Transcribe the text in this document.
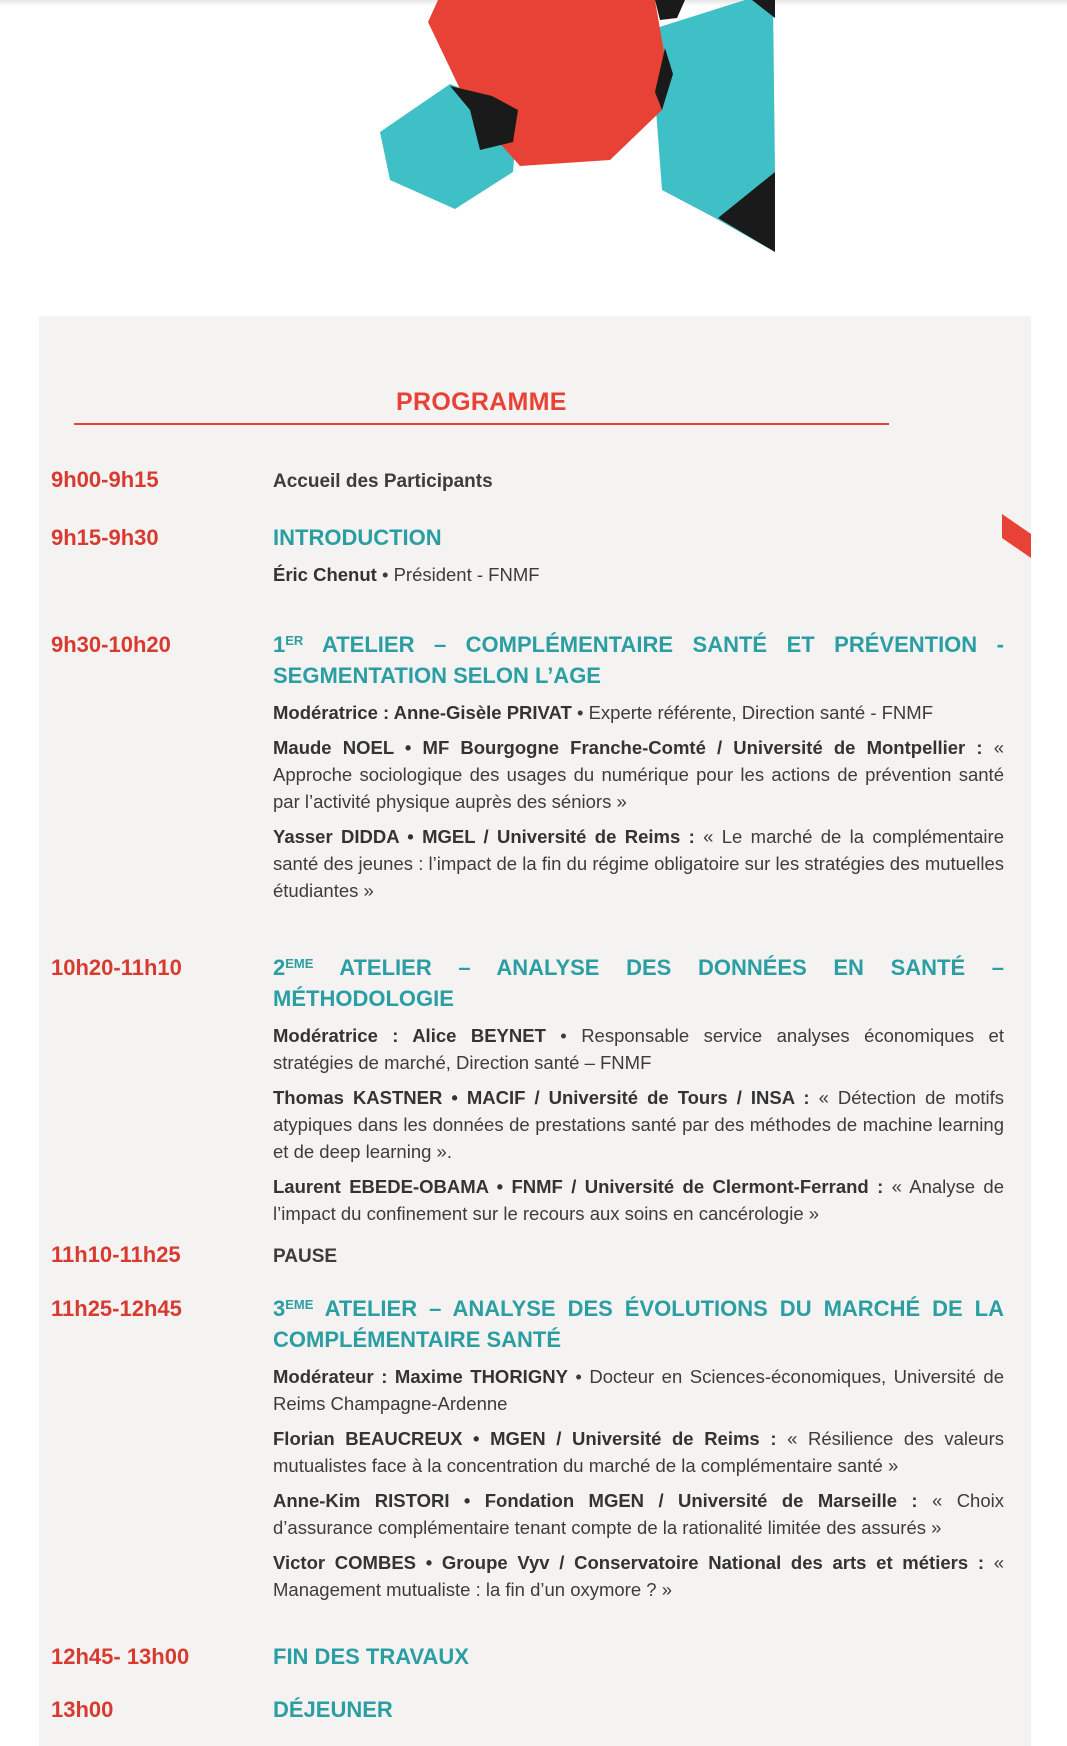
PROGRAMME
9h00-9h15	Accueil des Participants
9h15-9h30	INTRODUCTION
Éric Chenut • Président - FNMF
9h30-10h20	1ER ATELIER – COMPLÉMENTAIRE SANTÉ ET PRÉVENTION - SEGMENTATION SELON L’AGE
Modératrice : Anne-Gisèle PRIVAT • Experte référente, Direction santé - FNMF
Maude NOEL • MF Bourgogne Franche-Comté / Université de Montpellier : « Approche sociologique des usages du numérique pour les actions de prévention santé par l’activité physique auprès des séniors »
Yasser DIDDA • MGEL / Université de Reims : « Le marché de la complémentaire santé des jeunes : l’impact de la fin du régime obligatoire sur les stratégies des mutuelles étudiantes »
10h20-11h10	2EME ATELIER – ANALYSE DES DONNÉES EN SANTÉ – MÉTHODOLOGIE
Modératrice : Alice BEYNET • Responsable service analyses économiques et stratégies de marché, Direction santé – FNMF
Thomas KASTNER • MACIF / Université de Tours / INSA : « Détection de motifs atypiques dans les données de prestations santé par des méthodes de machine learning et de deep learning ».
Laurent EBEDE-OBAMA • FNMF / Université de Clermont-Ferrand : « Analyse de l’impact du confinement sur le recours aux soins en cancérologie »
11h10-11h25	PAUSE
11h25-12h45	3EME ATELIER – ANALYSE DES ÉVOLUTIONS DU MARCHÉ DE LA COMPLÉMENTAIRE SANTÉ
Modérateur : Maxime THORIGNY • Docteur en Sciences-économiques, Université de Reims Champagne-Ardenne
Florian BEAUCREUX • MGEN / Université de Reims : « Résilience des valeurs mutualistes face à la concentration du marché de la complémentaire santé »
Anne-Kim RISTORI • Fondation MGEN / Université de Marseille : « Choix d’assurance complémentaire tenant compte de la rationalité limitée des assurés »
Victor COMBES • Groupe Vyv / Conservatoire National des arts et métiers : « Management mutualiste : la fin d’un oxymore ? »
12h45- 13h00	FIN DES TRAVAUX
13h00	DÉJEUNER
